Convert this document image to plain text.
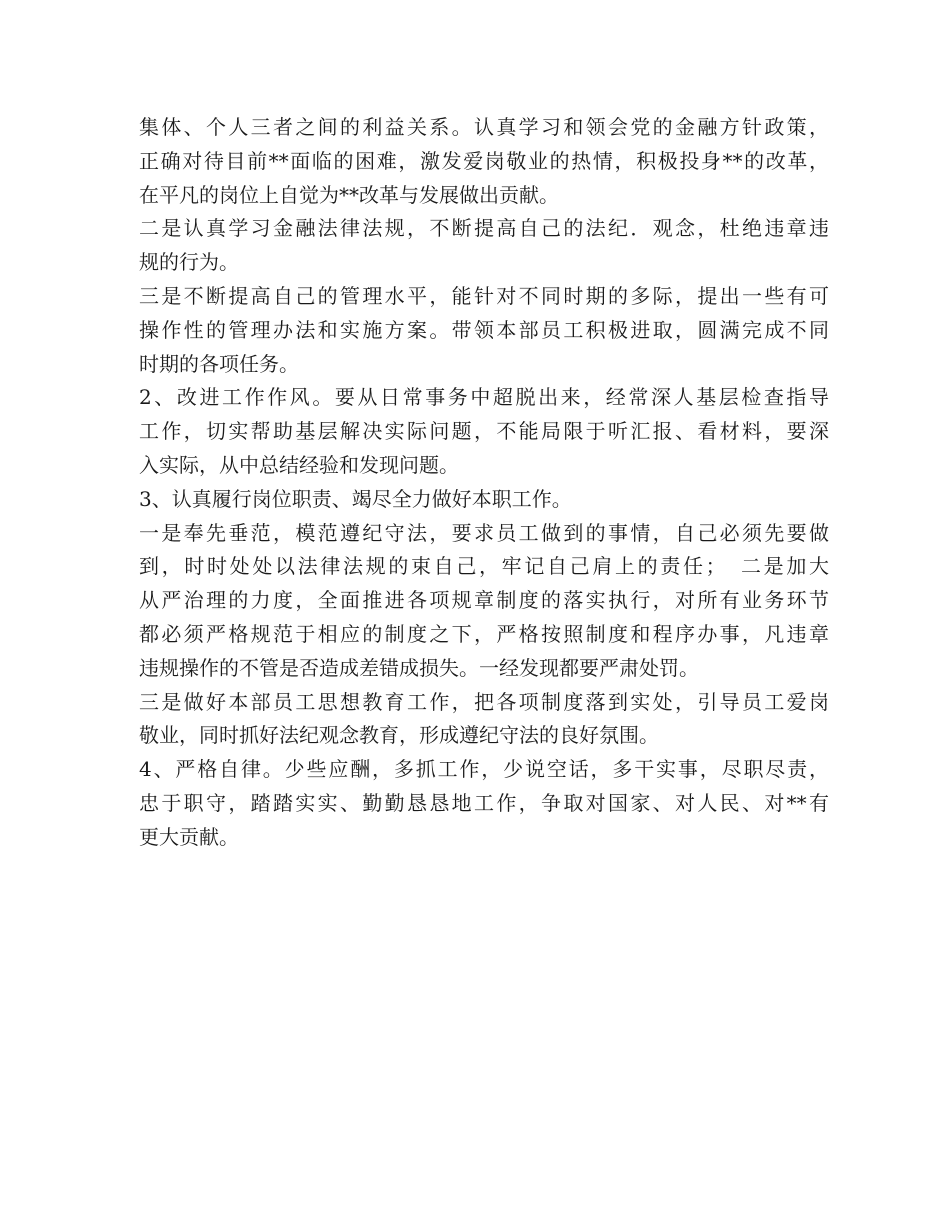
集体、个人三者之间的利益关系。认真学习和领会党的金融方针政策，
正确对待目前**面临的困难，激发爱岗敬业的热情，积极投身**的改革，
在平凡的岗位上自觉为**改革与发展做出贡献。
二是认真学习金融法律法规，不断提高自己的法纪．观念，杜绝违章违
规的行为。
三是不断提高自己的管理水平，能针对不同时期的多际，提出一些有可
操作性的管理办法和实施方案。带领本部员工积极进取，圆满完成不同
时期的各项任务。
2、改进工作作风。要从日常事务中超脱出来，经常深人基层检查指导
工作，切实帮助基层解决实际问题，不能局限于听汇报、看材料，要深
入实际，从中总结经验和发现问题。
3、认真履行岗位职责、竭尽全力做好本职工作。
一是奉先垂范，模范遵纪守法，要求员工做到的事情，自己必须先要做
到，时时处处以法律法规的束自己，牢记自己肩上的责任；　二是加大
从严治理的力度，全面推进各项规章制度的落实执行，对所有业务环节
都必须严格规范于相应的制度之下，严格按照制度和程序办事，凡违章
违规操作的不管是否造成差错成损失。一经发现都要严肃处罚。
三是做好本部员工思想教育工作，把各项制度落到实处，引导员工爱岗
敬业，同时抓好法纪观念教育，形成遵纪守法的良好氛围。
4、严格自律。少些应酬，多抓工作，少说空话，多干实事，尽职尽责，
忠于职守，踏踏实实、勤勤恳恳地工作，争取对国家、对人民、对**有
更大贡献。
